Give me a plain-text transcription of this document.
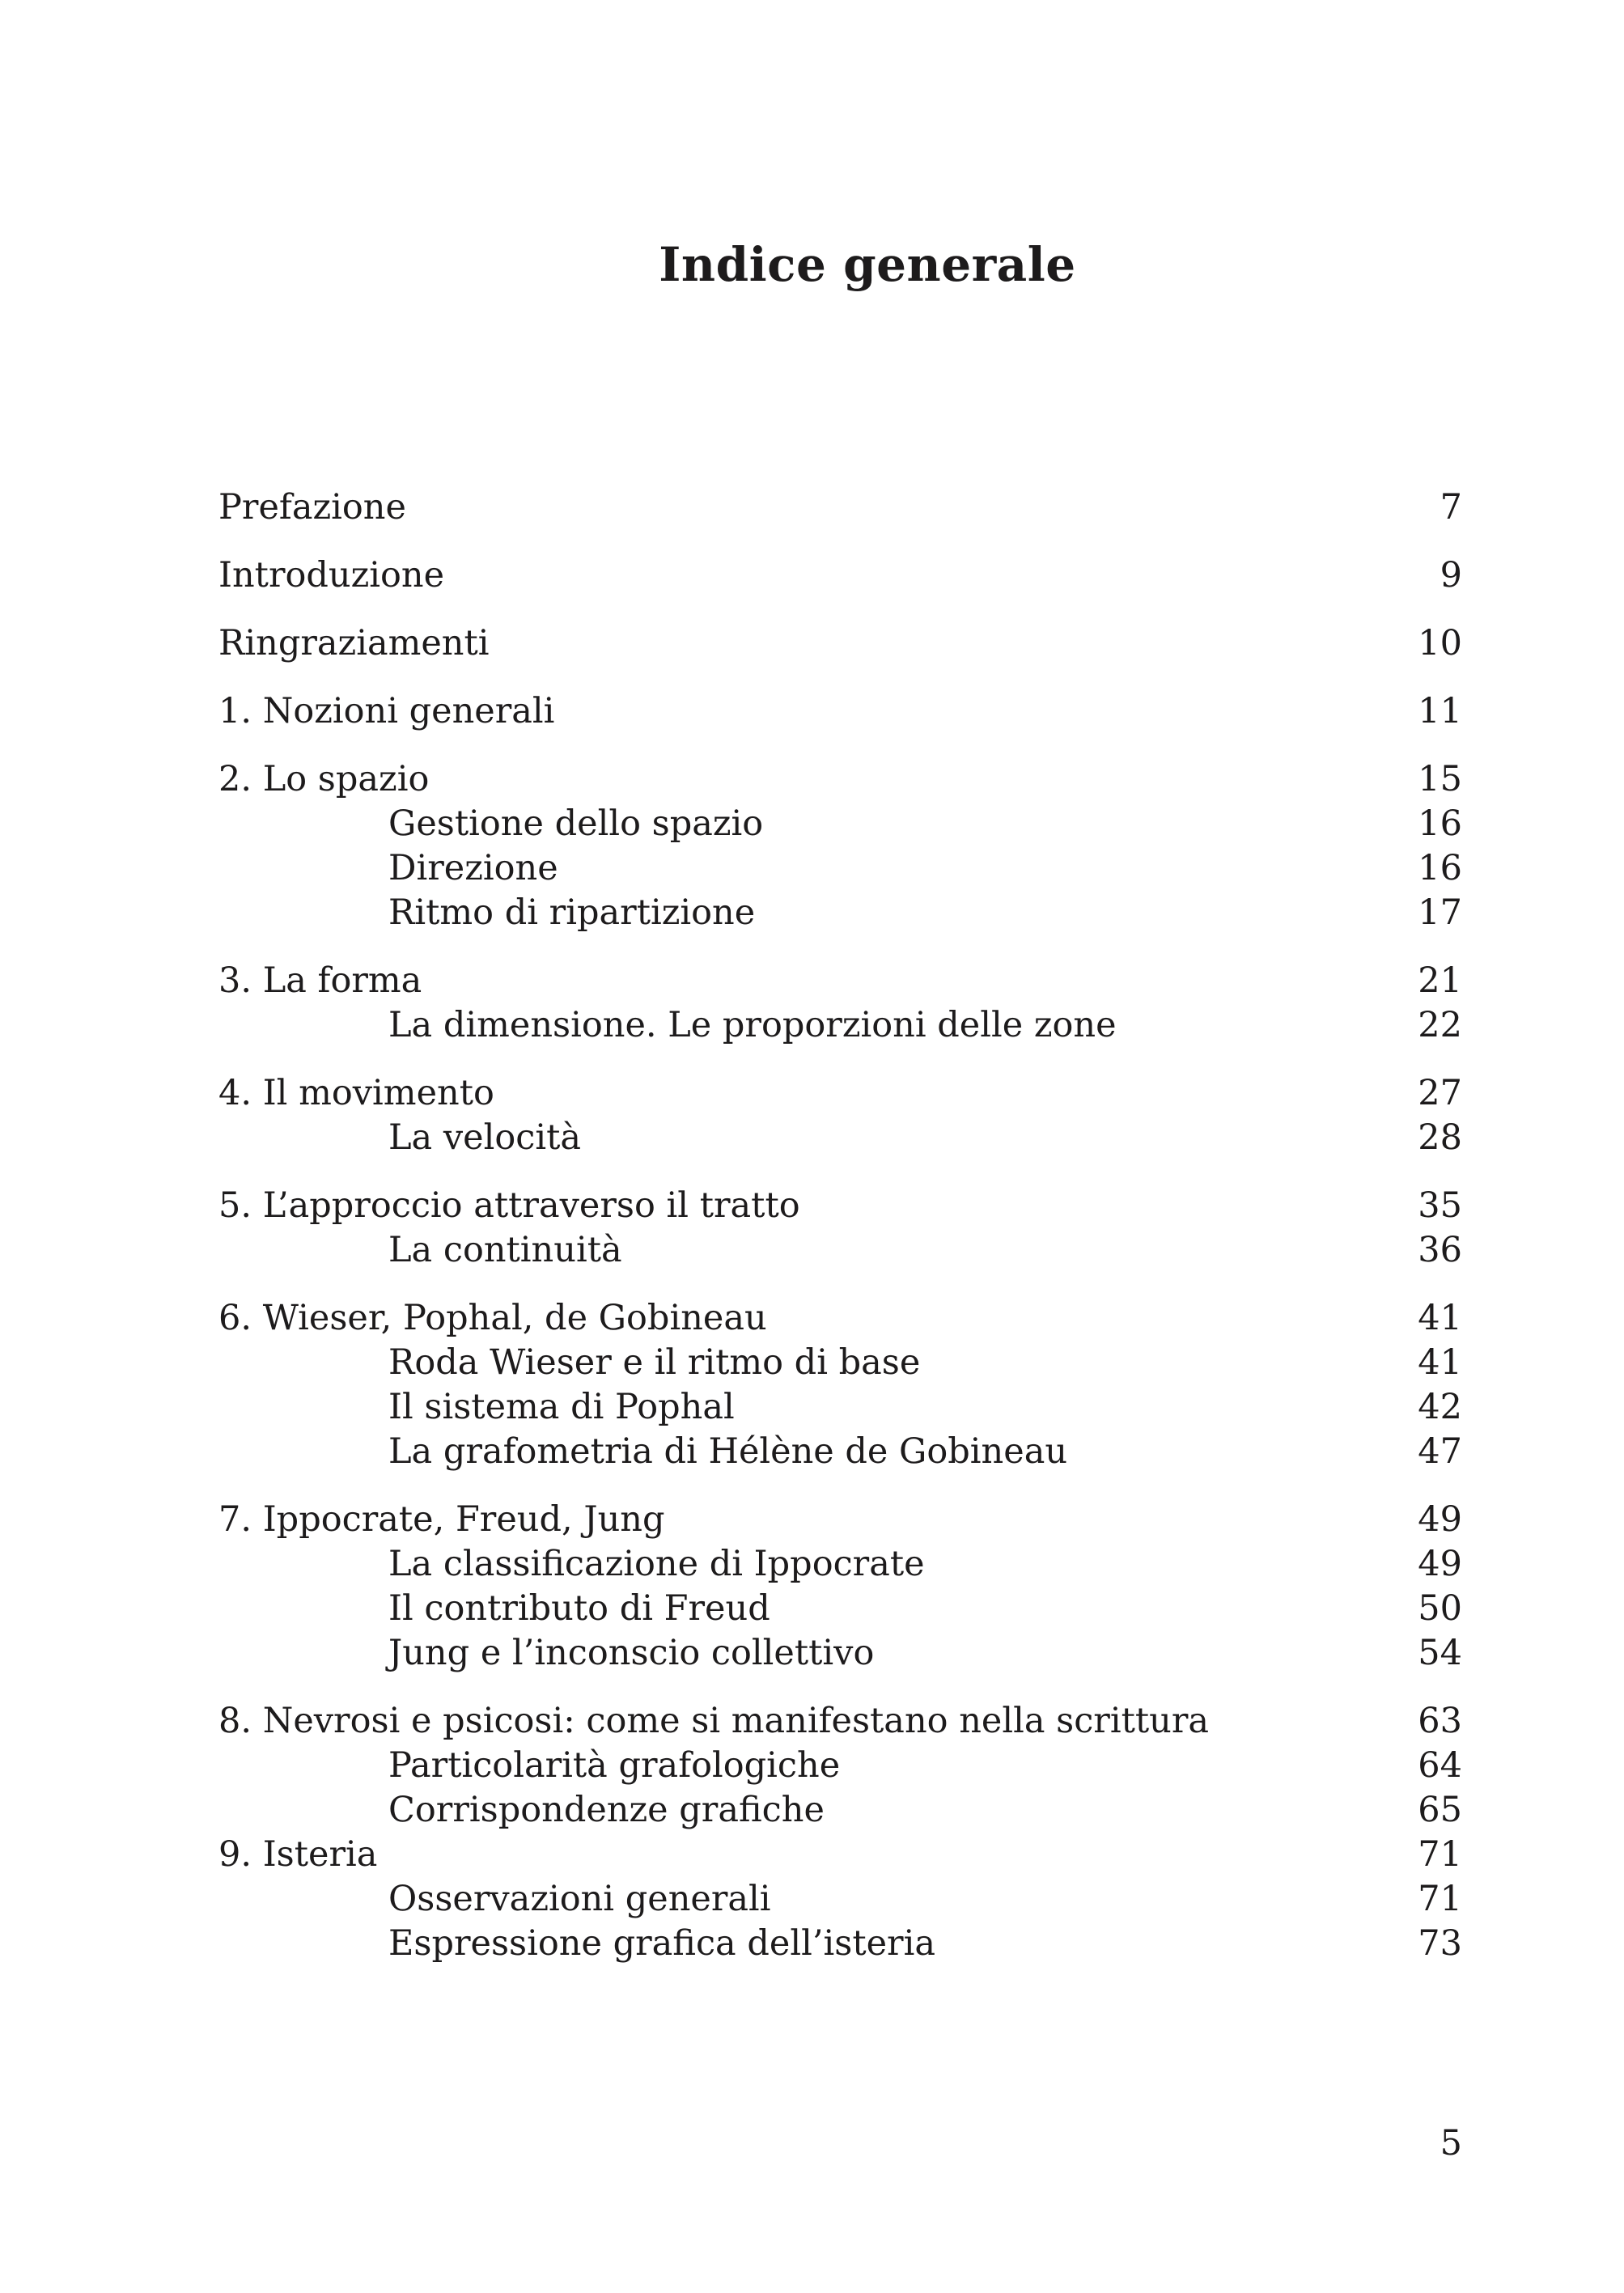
Indice generale
Prefazione	7
Introduzione	9
Ringraziamenti	10
1. Nozioni generali	11
2. Lo spazio	15
Gestione dello spazio	16
Direzione	16
Ritmo di ripartizione	17
3. La forma	21
La dimensione. Le proporzioni delle zone	22
4. Il movimento	27
La velocità	28
5. L’approccio attraverso il tratto	35
La continuità	36
6. Wieser, Pophal, de Gobineau	41
Roda Wieser e il ritmo di base	41
Il sistema di Pophal	42
La grafometria di Hélène de Gobineau	47
7. Ippocrate, Freud, Jung	49
La classificazione di Ippocrate	49
Il contributo di Freud	50
Jung e l’inconscio collettivo	54
8. Nevrosi e psicosi: come si manifestano nella scrittura	63
Particolarità grafologiche	64
Corrispondenze grafiche	65
9. Isteria	71
Osservazioni generali	71
Espressione grafica dell’isteria	73
5
